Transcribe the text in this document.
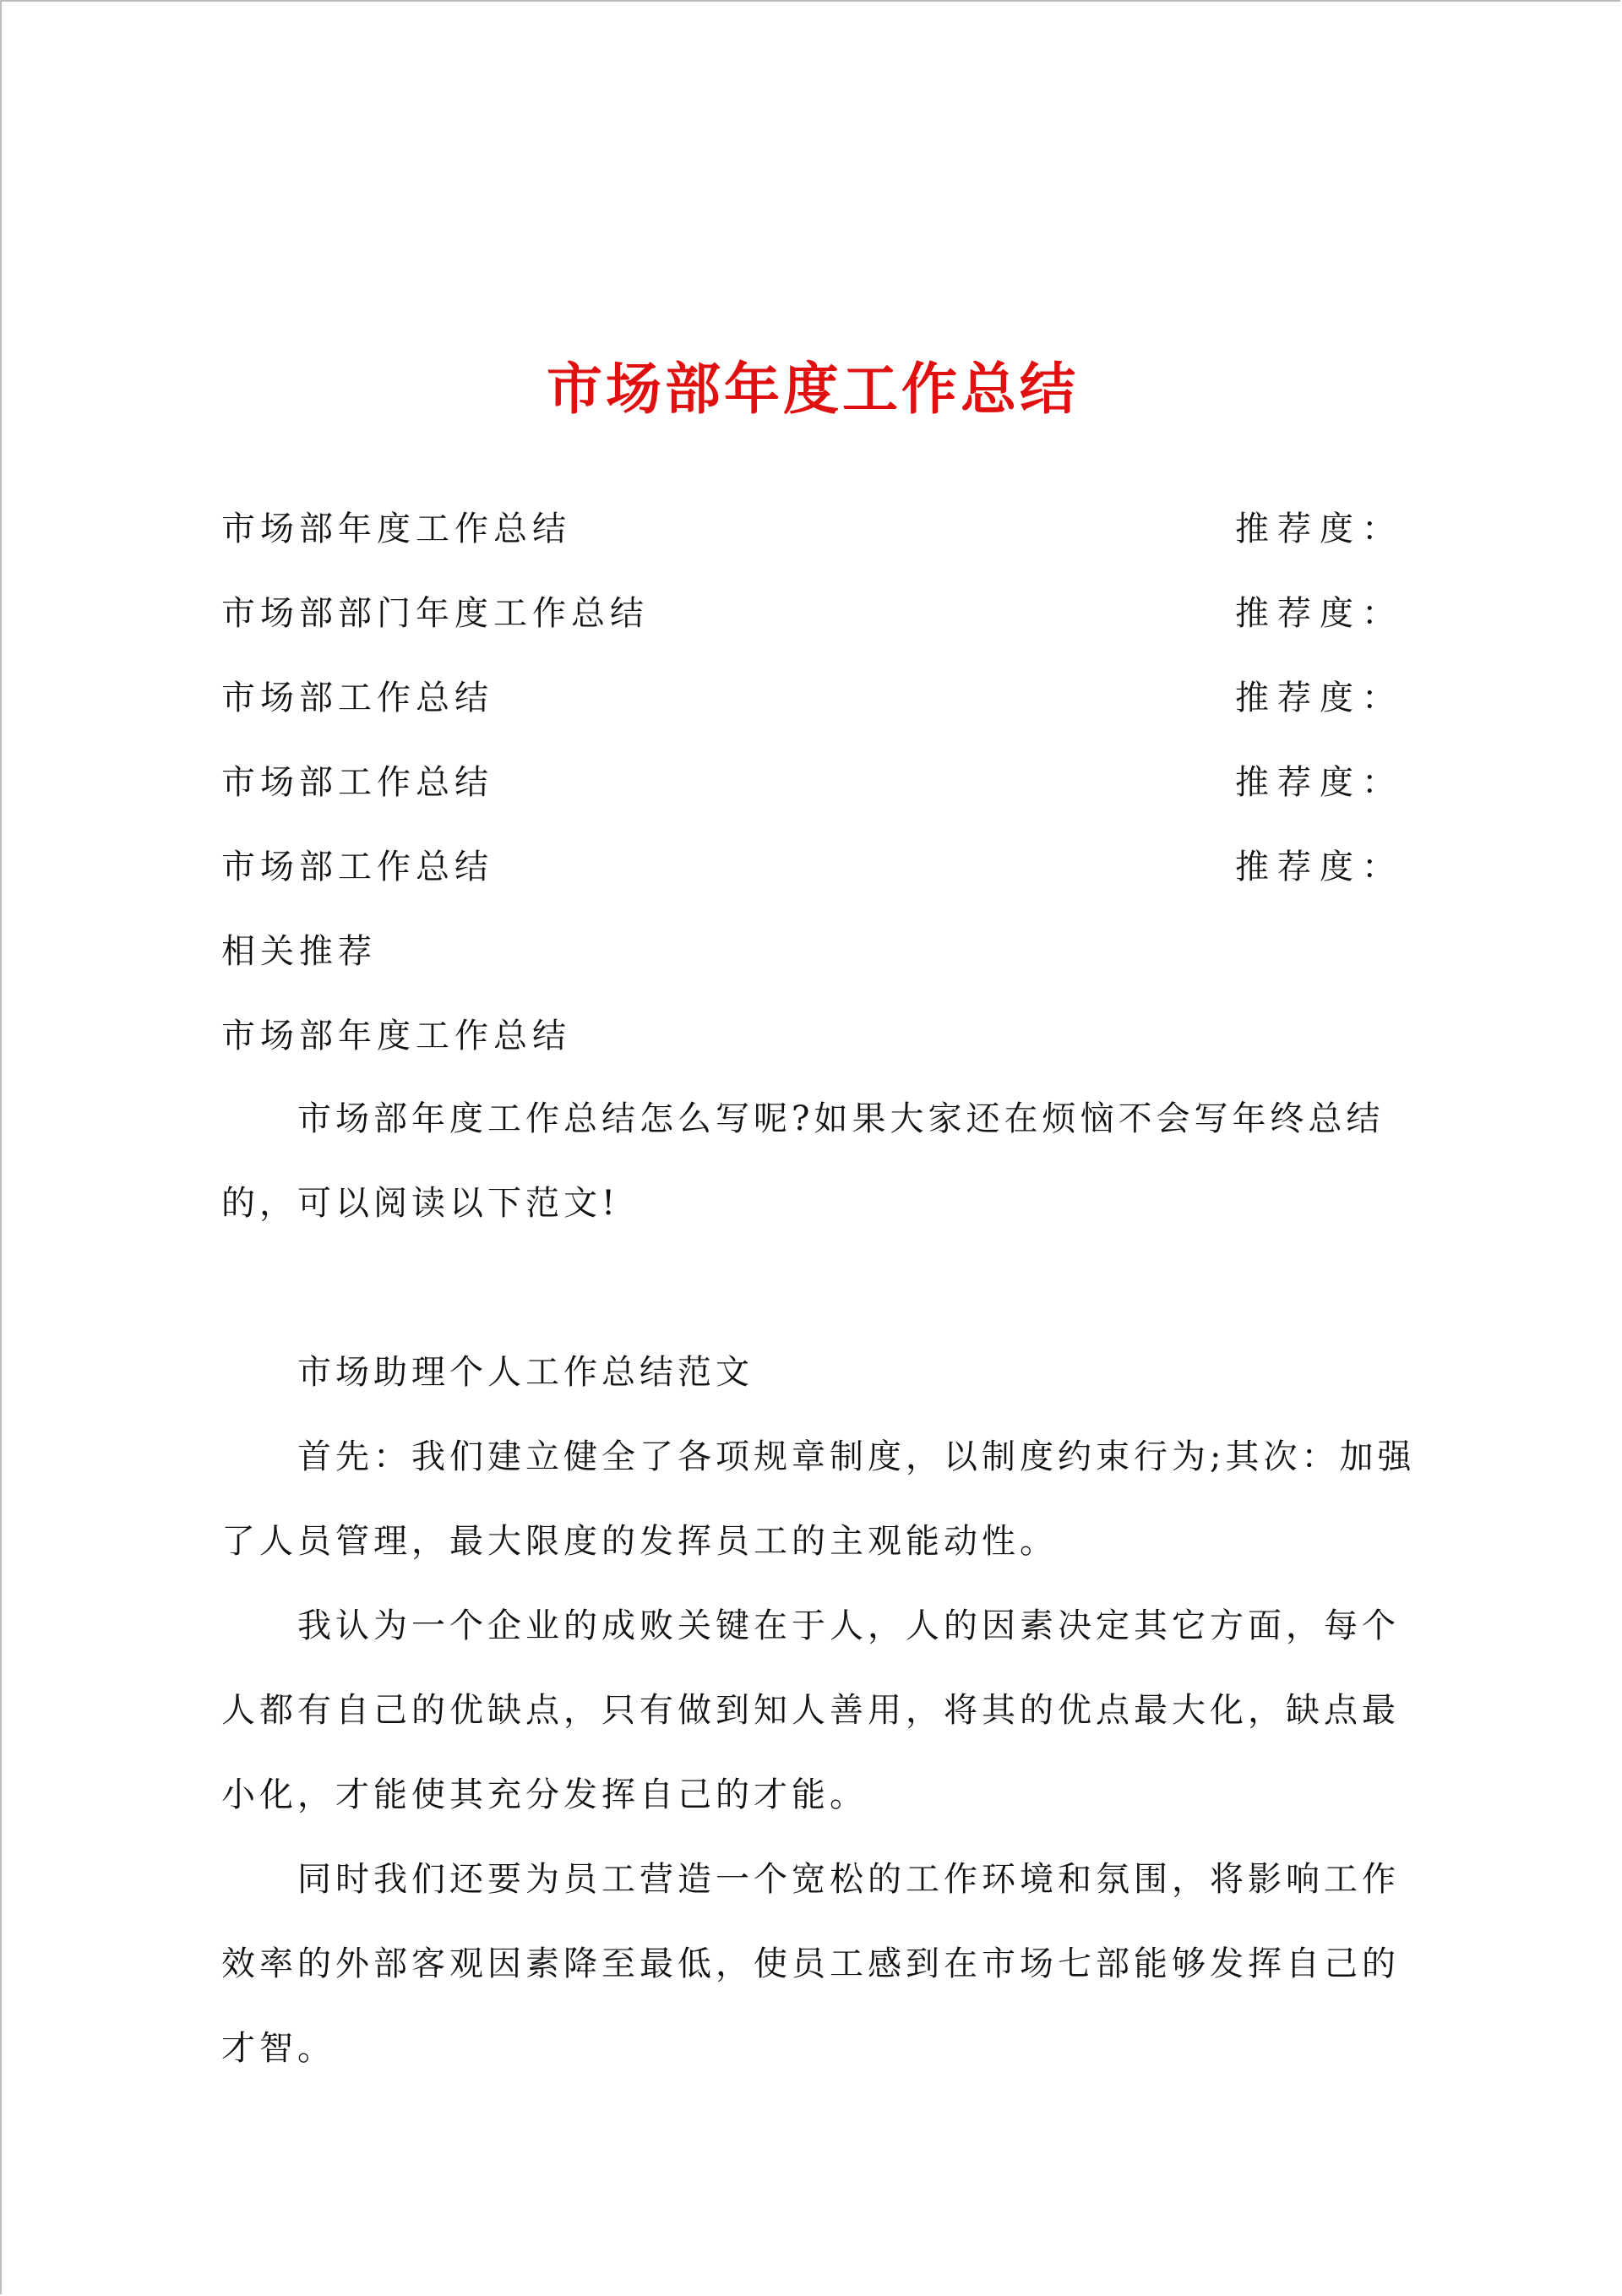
市场部年度工作总结
市场部年度工作总结	推荐度：
市场部部门年度工作总结	推荐度：
市场部工作总结	推荐度：
市场部工作总结	推荐度：
市场部工作总结	推荐度：
相关推荐
市场部年度工作总结

市场部年度工作总结怎么写呢?如果大家还在烦恼不会写年终总结的，可以阅读以下范文!

市场助理个人工作总结范文

首先：我们建立健全了各项规章制度，以制度约束行为;其次：加强了人员管理，最大限度的发挥员工的主观能动性。

我认为一个企业的成败关键在于人，人的因素决定其它方面，每个人都有自己的优缺点，只有做到知人善用，将其的优点最大化，缺点最小化，才能使其充分发挥自己的才能。

同时我们还要为员工营造一个宽松的工作环境和氛围，将影响工作效率的外部客观因素降至最低，使员工感到在市场七部能够发挥自己的才智。
